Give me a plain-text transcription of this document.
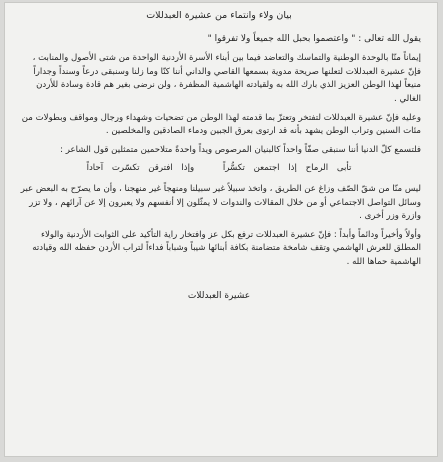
بيان ولاء وانتماء من عشيرة العبدللات

يقول الله تعالى : " واعتصموا بحبل الله جميعاً ولا تفرقوا "

إيماناً منّا بالوحدة الوطنية والتماسك والتعاضد فيما بين أبناء الأسرة الأردنية الواحدة من شتى الأصول والمنابت ، فإنّ عشيرة العبدللات لتعلنها صريحة مدوية بسمعها القاصي والداني أننا كنّا وما زلنا وسنبقى درعاً وسنداً وجداراً منيعاً لهذا الوطن العزيز الذي بارك الله به ولقيادته الهاشمية المظفرة ، ولن نرضى بغير هم قادة وسادة للأردن الغالي .

وعليه فإنّ عشيرة العبدللات لتفتخر وتعتزّ بما قدمته لهذا الوطن من تضحيات وشهداء ورجال ومواقف وبطولات من مئات السنين وتراب الوطن يشهد بأنه قد ارتوى بعرق الجبين ودماء الصادقين والمخلصين .

فلتسمع كلّ الدنيا أننا سنبقى صفّاً واحداً كالبنيان المرصوص ويداً واحدةً متلاحمين متمثلين قول الشاعر :

تأبى الرماح إذا اجتمعن تكسُّراً وإذا افترقن تكسّرت آحاداً

ليس منّا من شقّ الصّف وزاغ عن الطريق ، واتخذ سبيلاً غير سبيلنا ومنهجاً غير منهجنا ، وأن ما يصرّح به البعض عبر وسائل التواصل الاجتماعي أو من خلال المقالات والندوات لا يمثّلون إلا أنفسهم ولا يعبرون إلا عن آرائهم ، ولا تزر وازرة وزر أخرى .

وأولاً وأخيراً ودائماً وأبداً : فإنّ عشيرة العبدللات ترفع بكل عز وافتخار راية التأكيد على الثوابت الأردنية والولاء المطلق للعرش الهاشمي وتقف شامخة متضامنة بكافة أبنائها شيباً وشباباً فداءاً لتراب الأردن حفظه الله وقيادته الهاشمية حماها الله .

عشيرة العبدللات
